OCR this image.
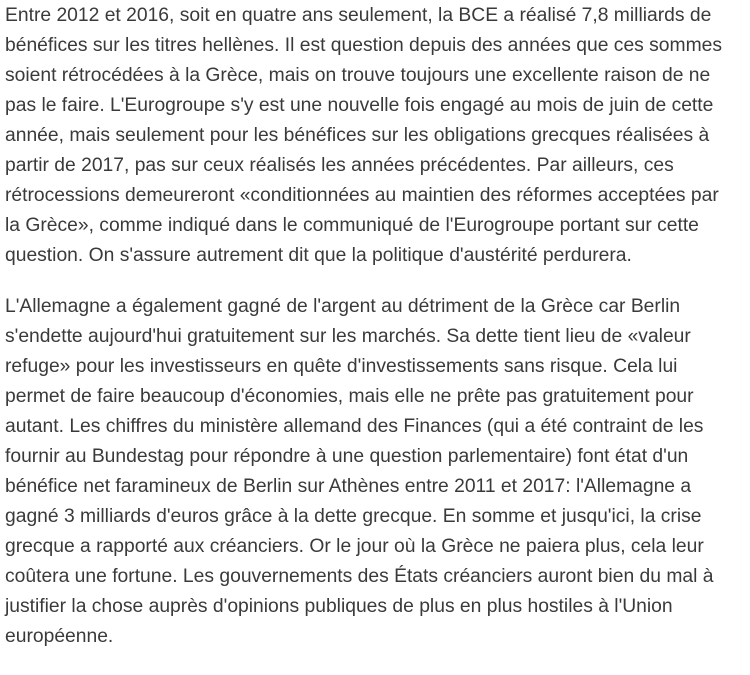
Entre 2012 et 2016, soit en quatre ans seulement, la BCE a réalisé 7,8 milliards de
bénéfices sur les titres hellènes. Il est question depuis des années que ces sommes
soient rétrocédées à la Grèce, mais on trouve toujours une excellente raison de ne
pas le faire. L'Eurogroupe s'y est une nouvelle fois engagé au mois de juin de cette
année, mais seulement pour les bénéfices sur les obligations grecques réalisées à
partir de 2017, pas sur ceux réalisés les années précédentes. Par ailleurs, ces
rétrocessions demeureront «conditionnées au maintien des réformes acceptées par
la Grèce», comme indiqué dans le communiqué de l'Eurogroupe portant sur cette
question. On s'assure autrement dit que la politique d'austérité perdurera.

L'Allemagne a également gagné de l'argent au détriment de la Grèce car Berlin
s'endette aujourd'hui gratuitement sur les marchés. Sa dette tient lieu de «valeur
refuge» pour les investisseurs en quête d'investissements sans risque. Cela lui
permet de faire beaucoup d'économies, mais elle ne prête pas gratuitement pour
autant. Les chiffres du ministère allemand des Finances (qui a été contraint de les
fournir au Bundestag pour répondre à une question parlementaire) font état d'un
bénéfice net faramineux de Berlin sur Athènes entre 2011 et 2017: l'Allemagne a
gagné 3 milliards d'euros grâce à la dette grecque. En somme et jusqu'ici, la crise
grecque a rapporté aux créanciers. Or le jour où la Grèce ne paiera plus, cela leur
coûtera une fortune. Les gouvernements des États créanciers auront bien du mal à
justifier la chose auprès d'opinions publiques de plus en plus hostiles à l'Union
européenne.
